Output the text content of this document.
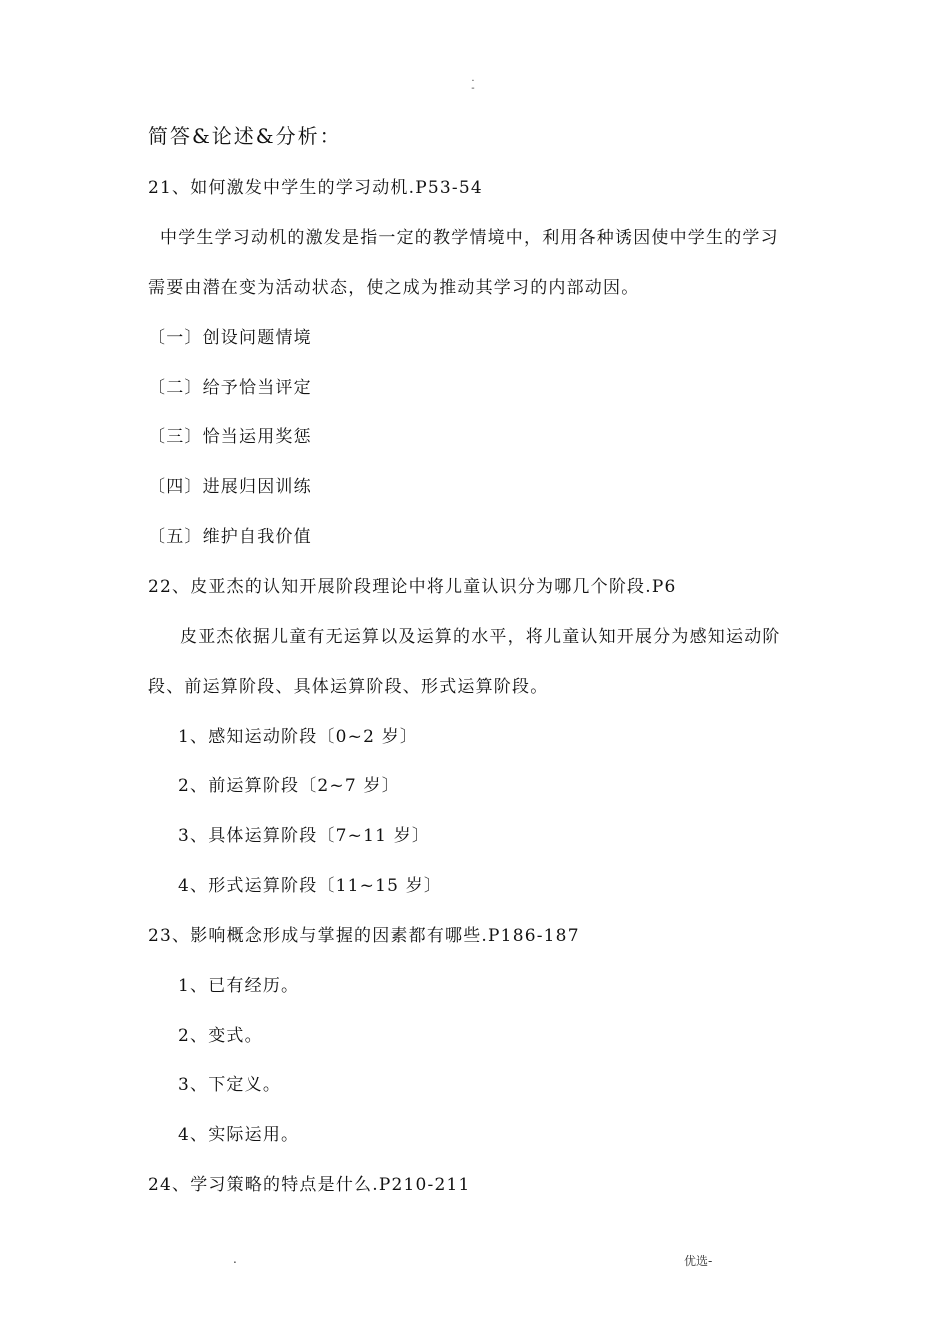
.
-
简答&论述&分析：
21、如何激发中学生的学习动机.P53-54
中学生学习动机的激发是指一定的教学情境中，利用各种诱因使中学生的学习
需要由潜在变为活动状态，使之成为推动其学习的内部动因。
〔一〕创设问题情境
〔二〕给予恰当评定
〔三〕恰当运用奖惩
〔四〕进展归因训练
〔五〕维护自我价值
22、皮亚杰的认知开展阶段理论中将儿童认识分为哪几个阶段.P6
皮亚杰依据儿童有无运算以及运算的水平，将儿童认知开展分为感知运动阶
段、前运算阶段、具体运算阶段、形式运算阶段。
1、感知运动阶段〔0~2 岁〕
2、前运算阶段〔2~7 岁〕
3、具体运算阶段〔7~11 岁〕
4、形式运算阶段〔11~15 岁〕
23、影响概念形成与掌握的因素都有哪些.P186-187
1、已有经历。
2、变式。
3、下定义。
4、实际运用。
24、学习策略的特点是什么.P210-211
.	优选-
